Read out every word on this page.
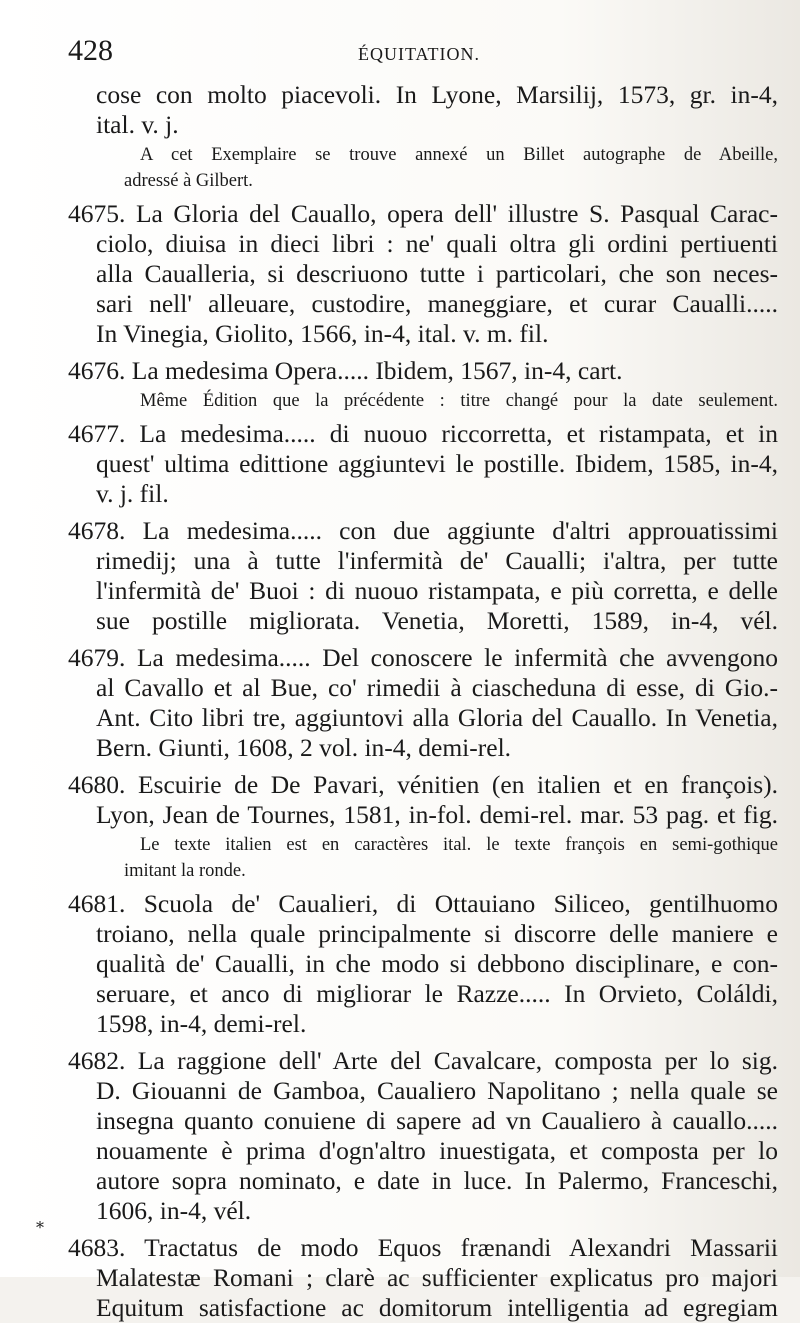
428	ÉQUITATION.
cose con molto piacevoli. In Lyone, Marsilij, 1573, gr. in-4,
ital. v. j.
A cet Exemplaire se trouve annexé un Billet autographe de Abeille,
adressé à Gilbert.
4675. La Gloria del Cauallo, opera dell' illustre S. Pasqual Carac-
ciolo, diuisa in dieci libri : ne' quali oltra gli ordini pertiuenti
alla Caualleria, si descriuono tutte i particolari, che son neces-
sari nell' alleuare, custodire, maneggiare, et curar Caualli.....
In Vinegia, Giolito, 1566, in-4, ital. v. m. fil.
4676. La medesima Opera..... Ibidem, 1567, in-4, cart.
Même Édition que la précédente : titre changé pour la date seulement.
4677. La medesima..... di nuouo riccorretta, et ristampata, et in
quest' ultima edittione aggiuntevi le postille. Ibidem, 1585, in-4,
v. j. fil.
4678. La medesima..... con due aggiunte d'altri approuatissimi
rimedij; una à tutte l'infermità de' Caualli; i'altra, per tutte
l'infermità de' Buoi : di nuouo ristampata, e più corretta, e delle
sue postille migliorata. Venetia, Moretti, 1589, in-4, vél.
4679. La medesima..... Del conoscere le infermità che avvengono
al Cavallo et al Bue, co' rimedii à ciascheduna di esse, di Gio.-
Ant. Cito libri tre, aggiuntovi alla Gloria del Cauallo. In Venetia,
Bern. Giunti, 1608, 2 vol. in-4, demi-rel.
4680. Escuirie de De Pavari, vénitien (en italien et en françois).
Lyon, Jean de Tournes, 1581, in-fol. demi-rel. mar. 53 pag. et fig.
Le texte italien est en caractères ital. le texte françois en semi-gothique
imitant la ronde.
4681. Scuola de' Caualieri, di Ottauiano Siliceo, gentilhuomo
troiano, nella quale principalmente si discorre delle maniere e
qualità de' Caualli, in che modo si debbono disciplinare, e con-
seruare, et anco di migliorar le Razze..... In Orvieto, Coláldi,
1598, in-4, demi-rel.
4682. La raggione dell' Arte del Cavalcare, composta per lo sig.
D. Giouanni de Gamboa, Caualiero Napolitano ; nella quale se
insegna quanto conuiene di sapere ad vn Caualiero à cauallo.....
nouamente è prima d'ogn'altro inuestigata, et composta per lo
autore sopra nominato, e date in luce. In Palermo, Franceschi,
1606, in-4, vél.
4683. Tractatus de modo Equos frænandi Alexandri Massarii
Malatestæ Romani ; clarè ac sufficienter explicatus pro majori
Equitum satisfactione ac domitorum intelligentia ad egregiam
*
